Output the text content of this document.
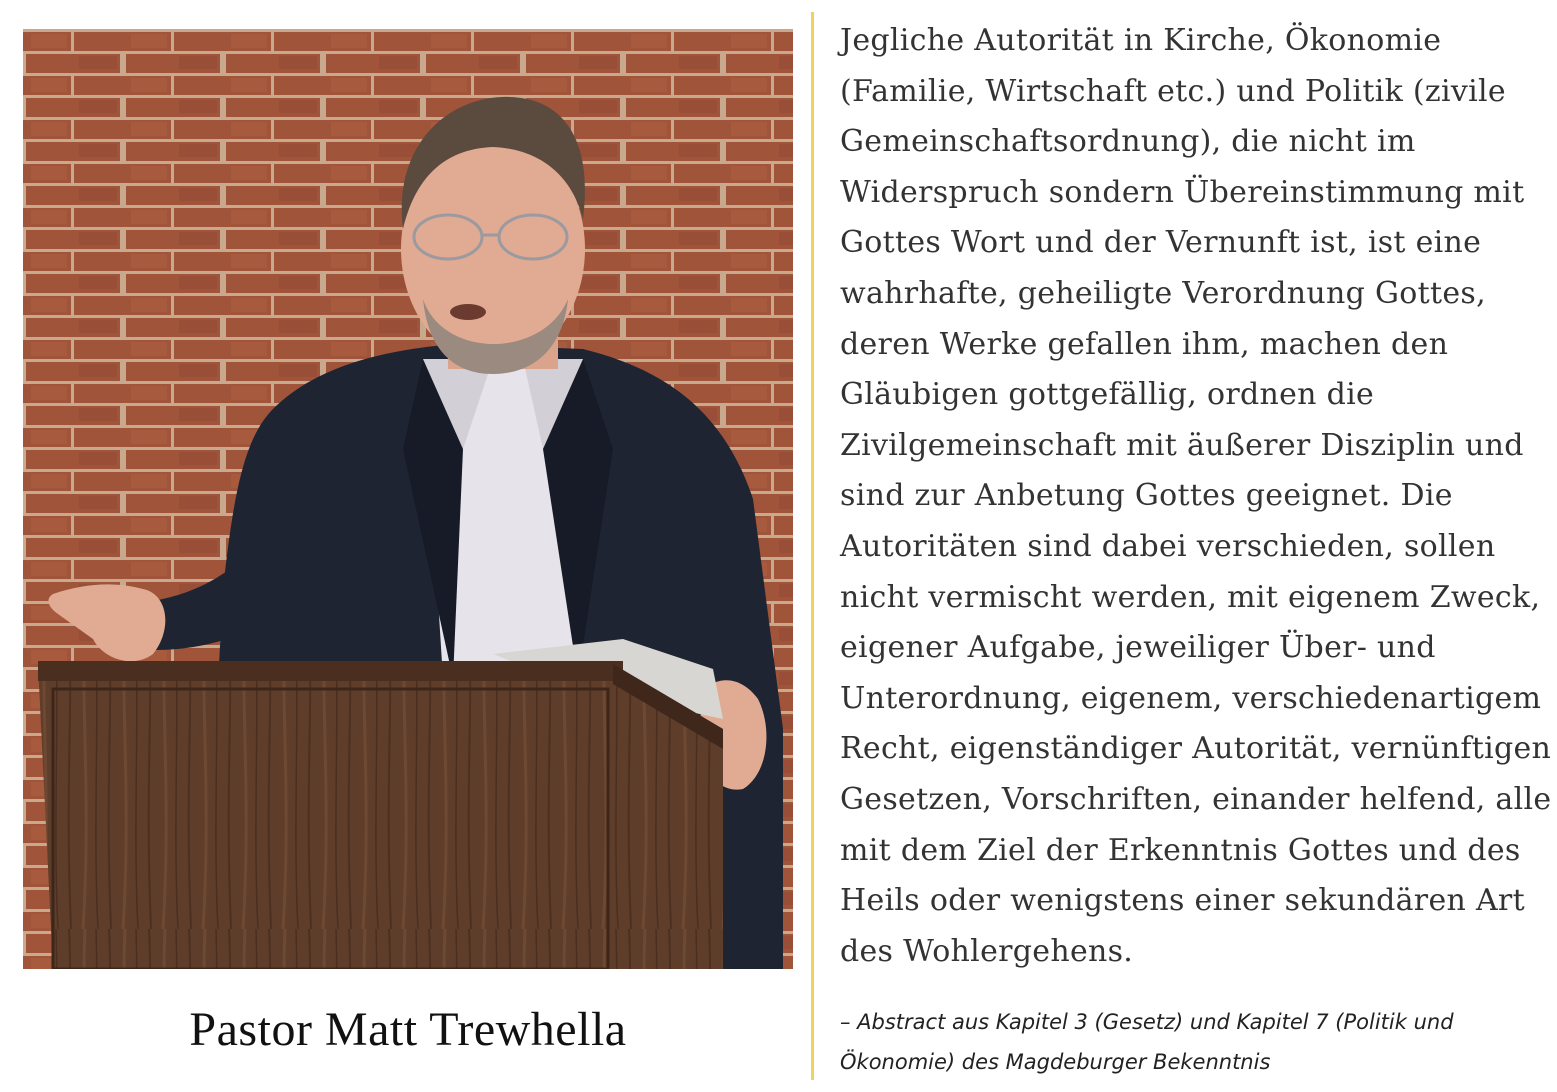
Pastor Matt Trewhella
Jegliche Autorität in Kirche, Ökonomie
(Familie, Wirtschaft etc.) und Politik (zivile
Gemeinschaftsordnung), die nicht im
Widerspruch sondern Übereinstimmung mit
Gottes Wort und der Vernunft ist, ist eine
wahrhafte, geheiligte Verordnung Gottes,
deren Werke gefallen ihm, machen den
Gläubigen gottgefällig, ordnen die
Zivilgemeinschaft mit äußerer Disziplin und
sind zur Anbetung Gottes geeignet. Die
Autoritäten sind dabei verschieden, sollen
nicht vermischt werden, mit eigenem Zweck,
eigener Aufgabe, jeweiliger Über- und
Unterordnung, eigenem, verschiedenartigem
Recht, eigenständiger Autorität, vernünftigen
Gesetzen, Vorschriften, einander helfend, alle
mit dem Ziel der Erkenntnis Gottes und des
Heils oder wenigstens einer sekundären Art
des Wohlergehens.
– Abstract aus Kapitel 3 (Gesetz) und Kapitel 7 (Politik und
Ökonomie) des Magdeburger Bekenntnis
